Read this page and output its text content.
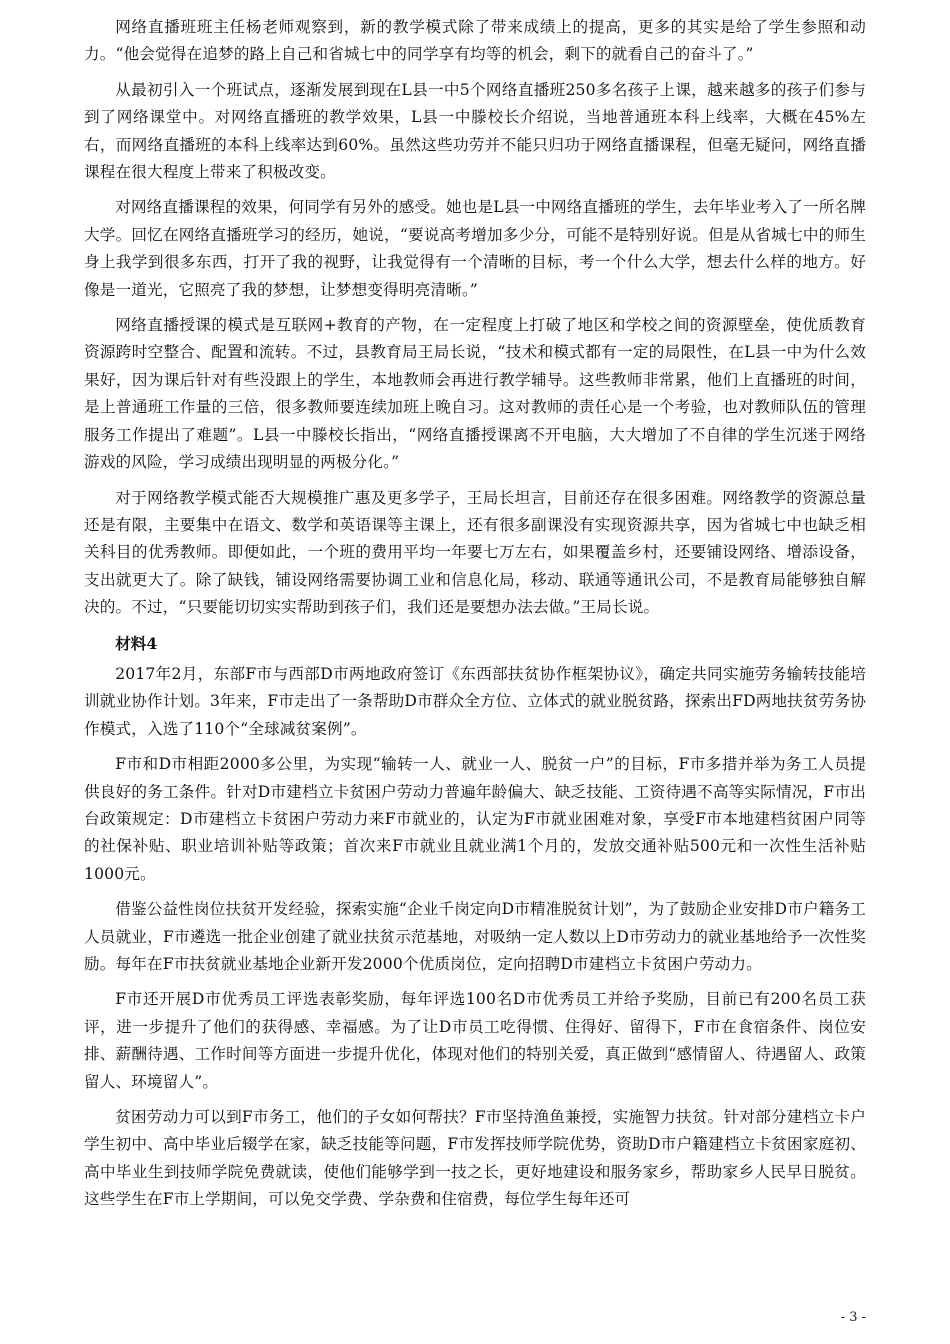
网络直播班班主任杨老师观察到，新的教学模式除了带来成绩上的提高，更多的其实是给了学生参照和动力。“他会觉得在追梦的路上自己和省城七中的同学享有均等的机会，剩下的就看自己的奋斗了。”

从最初引入一个班试点，逐渐发展到现在L县一中5个网络直播班250多名孩子上课，越来越多的孩子们参与到了网络课堂中。对网络直播班的教学效果，L县一中滕校长介绍说，当地普通班本科上线率，大概在45%左右，而网络直播班的本科上线率达到60%。虽然这些功劳并不能只归功于网络直播课程，但毫无疑问，网络直播课程在很大程度上带来了积极改变。

对网络直播课程的效果，何同学有另外的感受。她也是L县一中网络直播班的学生，去年毕业考入了一所名牌大学。回忆在网络直播班学习的经历，她说，“要说高考增加多少分，可能不是特别好说。但是从省城七中的师生身上我学到很多东西，打开了我的视野，让我觉得有一个清晰的目标，考一个什么大学，想去什么样的地方。好像是一道光，它照亮了我的梦想，让梦想变得明亮清晰。”

网络直播授课的模式是互联网+教育的产物，在一定程度上打破了地区和学校之间的资源壁垒，使优质教育资源跨时空整合、配置和流转。不过，县教育局王局长说，“技术和模式都有一定的局限性，在L县一中为什么效果好，因为课后针对有些没跟上的学生，本地教师会再进行教学辅导。这些教师非常累，他们上直播班的时间，是上普通班工作量的三倍，很多教师要连续加班上晚自习。这对教师的责任心是一个考验，也对教师队伍的管理服务工作提出了难题”。L县一中滕校长指出，“网络直播授课离不开电脑，大大增加了不自律的学生沉迷于网络游戏的风险，学习成绩出现明显的两极分化。”

对于网络教学模式能否大规模推广惠及更多学子，王局长坦言，目前还存在很多困难。网络教学的资源总量还是有限，主要集中在语文、数学和英语课等主课上，还有很多副课没有实现资源共享，因为省城七中也缺乏相关科目的优秀教师。即便如此，一个班的费用平均一年要七万左右，如果覆盖乡村，还要铺设网络、增添设备，支出就更大了。除了缺钱，铺设网络需要协调工业和信息化局，移动、联通等通讯公司，不是教育局能够独自解决的。不过，“只要能切切实实帮助到孩子们，我们还是要想办法去做。”王局长说。

材料4

2017年2月，东部F市与西部D市两地政府签订《东西部扶贫协作框架协议》，确定共同实施劳务输转技能培训就业协作计划。3年来，F市走出了一条帮助D市群众全方位、立体式的就业脱贫路，探索出FD两地扶贫劳务协作模式，入选了110个“全球减贫案例”。

F市和D市相距2000多公里，为实现“输转一人、就业一人、脱贫一户”的目标，F市多措并举为务工人员提供良好的务工条件。针对D市建档立卡贫困户劳动力普遍年龄偏大、缺乏技能、工资待遇不高等实际情况，F市出台政策规定：D市建档立卡贫困户劳动力来F市就业的，认定为F市就业困难对象，享受F市本地建档贫困户同等的社保补贴、职业培训补贴等政策；首次来F市就业且就业满1个月的，发放交通补贴500元和一次性生活补贴1000元。

借鉴公益性岗位扶贫开发经验，探索实施“企业千岗定向D市精准脱贫计划”，为了鼓励企业安排D市户籍务工人员就业，F市遴选一批企业创建了就业扶贫示范基地，对吸纳一定人数以上D市劳动力的就业基地给予一次性奖励。每年在F市扶贫就业基地企业新开发2000个优质岗位，定向招聘D市建档立卡贫困户劳动力。

F市还开展D市优秀员工评选表彰奖励，每年评选100名D市优秀员工并给予奖励，目前已有200名员工获评，进一步提升了他们的获得感、幸福感。为了让D市员工吃得惯、住得好、留得下，F市在食宿条件、岗位安排、薪酬待遇、工作时间等方面进一步提升优化，体现对他们的特别关爱，真正做到“感情留人、待遇留人、政策留人、环境留人”。

贫困劳动力可以到F市务工，他们的子女如何帮扶？F市坚持渔鱼兼授，实施智力扶贫。针对部分建档立卡户学生初中、高中毕业后辍学在家，缺乏技能等问题，F市发挥技师学院优势，资助D市户籍建档立卡贫困家庭初、高中毕业生到技师学院免费就读，使他们能够学到一技之长，更好地建设和服务家乡，帮助家乡人民早日脱贫。这些学生在F市上学期间，可以免交学费、学杂费和住宿费，每位学生每年还可

- 3 -
